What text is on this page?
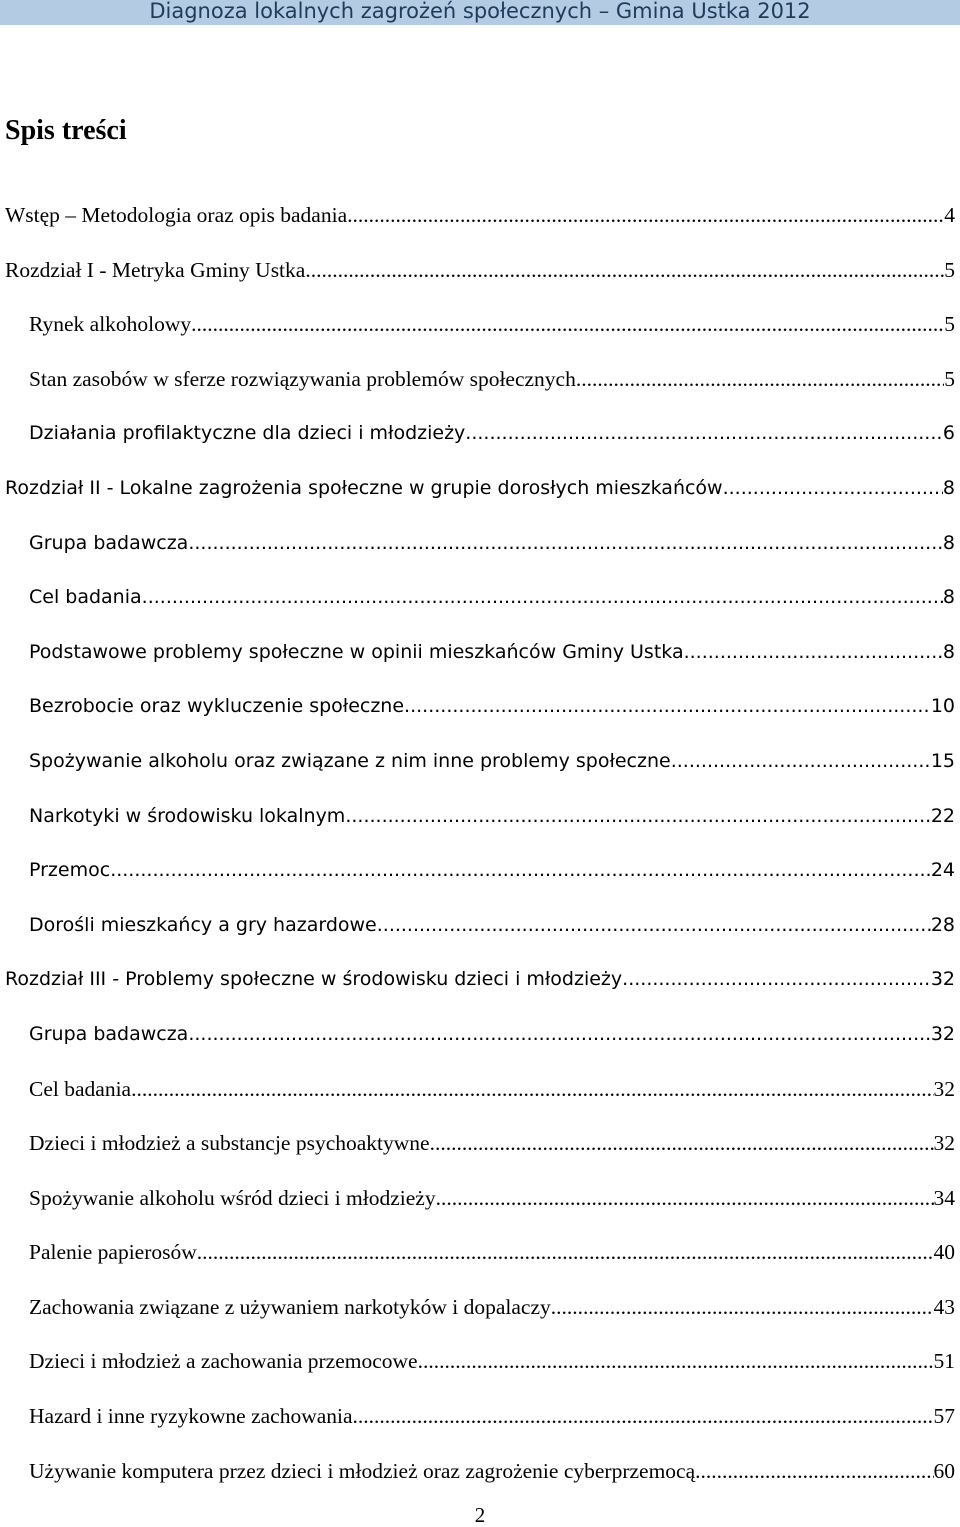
Diagnoza lokalnych zagrożeń społecznych – Gmina Ustka 2012
Spis treści
Wstęp – Metodologia oraz opis badania .....	4
Rozdział I - Metryka Gminy Ustka .....	5
Rynek alkoholowy .....	5
Stan zasobów w sferze rozwiązywania problemów społecznych .....	5
Działania profilaktyczne dla dzieci i młodzieży .....	6
Rozdział II - Lokalne zagrożenia społeczne w grupie dorosłych mieszkańców .....	8
Grupa badawcza .....	8
Cel badania .....	8
Podstawowe problemy społeczne w opinii mieszkańców Gminy Ustka .....	8
Bezrobocie oraz wykluczenie społeczne .....	10
Spożywanie alkoholu oraz związane z nim inne problemy społeczne .....	15
Narkotyki w środowisku lokalnym .....	22
Przemoc .....	24
Dorośli mieszkańcy a gry hazardowe .....	28
Rozdział III - Problemy społeczne w środowisku dzieci i młodzieży .....	32
Grupa badawcza .....	32
Cel badania .....	32
Dzieci i młodzież a substancje psychoaktywne .....	32
Spożywanie alkoholu wśród dzieci i młodzieży .....	34
Palenie papierosów .....	40
Zachowania związane z używaniem narkotyków i dopalaczy .....	43
Dzieci i młodzież a zachowania przemocowe .....	51
Hazard i inne ryzykowne zachowania .....	57
Używanie komputera przez dzieci i młodzież oraz zagrożenie cyberprzemocą .....	60
2
